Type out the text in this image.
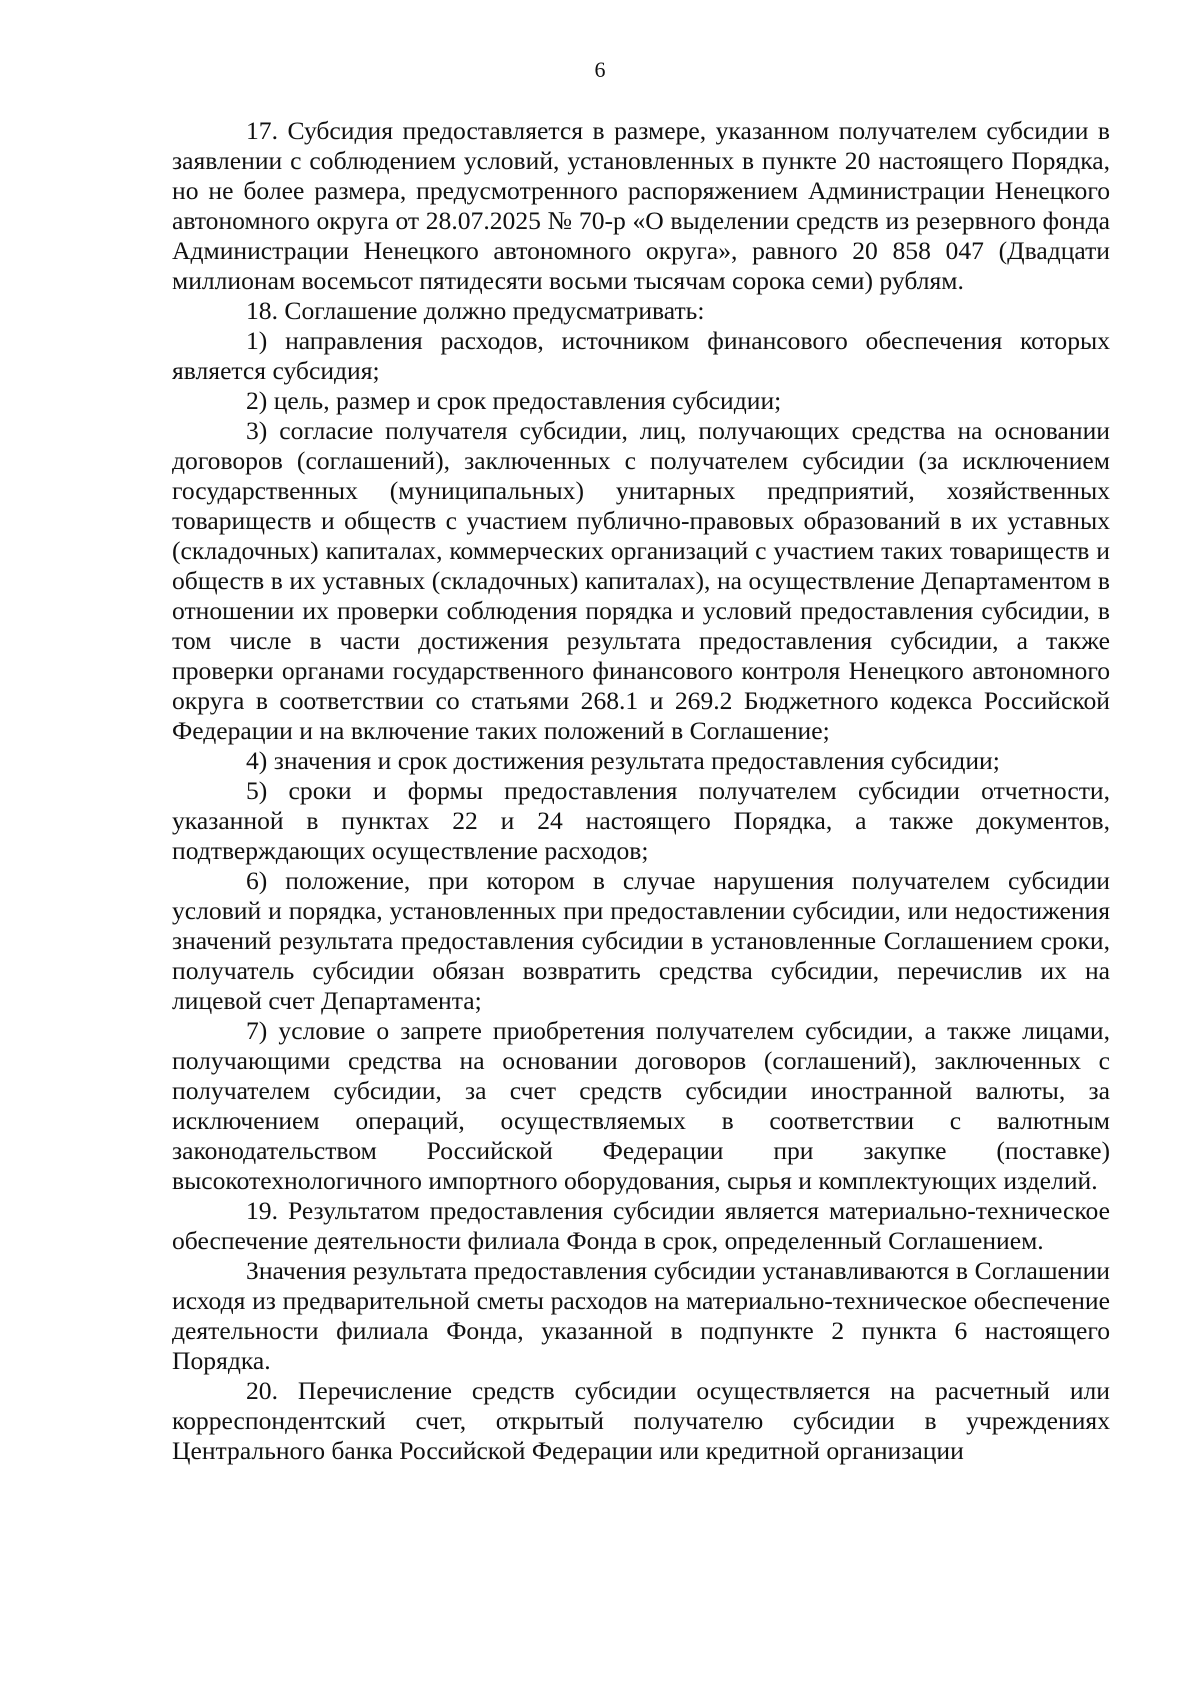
6

17. Субсидия предоставляется в размере, указанном получателем субсидии в заявлении с соблюдением условий, установленных в пункте 20 настоящего Порядка, но не более размера, предусмотренного распоряжением Администрации Ненецкого автономного округа от 28.07.2025 № 70-р «О выделении средств из резервного фонда Администрации Ненецкого автономного округа», равного 20 858 047 (Двадцати миллионам восемьсот пятидесяти восьми тысячам сорока семи) рублям.

18. Соглашение должно предусматривать:

1) направления расходов, источником финансового обеспечения которых является субсидия;

2) цель, размер и срок предоставления субсидии;

3) согласие получателя субсидии, лиц, получающих средства на основании договоров (соглашений), заключенных с получателем субсидии (за исключением государственных (муниципальных) унитарных предприятий, хозяйственных товариществ и обществ с участием публично-правовых образований в их уставных (складочных) капиталах, коммерческих организаций с участием таких товариществ и обществ в их уставных (складочных) капиталах), на осуществление Департаментом в отношении их проверки соблюдения порядка и условий предоставления субсидии, в том числе в части достижения результата предоставления субсидии, а также проверки органами государственного финансового контроля Ненецкого автономного округа в соответствии со статьями 268.1 и 269.2 Бюджетного кодекса Российской Федерации и на включение таких положений в Соглашение;

4) значения и срок достижения результата предоставления субсидии;

5) сроки и формы предоставления получателем субсидии отчетности, указанной в пунктах 22 и 24 настоящего Порядка, а также документов, подтверждающих осуществление расходов;

6) положение, при котором в случае нарушения получателем субсидии условий и порядка, установленных при предоставлении субсидии, или недостижения значений результата предоставления субсидии в установленные Соглашением сроки, получатель субсидии обязан возвратить средства субсидии, перечислив их на лицевой счет Департамента;

7) условие о запрете приобретения получателем субсидии, а также лицами, получающими средства на основании договоров (соглашений), заключенных с получателем субсидии, за счет средств субсидии иностранной валюты, за исключением операций, осуществляемых в соответствии с валютным законодательством Российской Федерации при закупке (поставке) высокотехнологичного импортного оборудования, сырья и комплектующих изделий.

19. Результатом предоставления субсидии является материально-техническое обеспечение деятельности филиала Фонда в срок, определенный Соглашением.

Значения результата предоставления субсидии устанавливаются в Соглашении исходя из предварительной сметы расходов на материально-техническое обеспечение деятельности филиала Фонда, указанной в подпункте 2 пункта 6 настоящего Порядка.

20. Перечисление средств субсидии осуществляется на расчетный или корреспондентский счет, открытый получателю субсидии в учреждениях Центрального банка Российской Федерации или кредитной организации
